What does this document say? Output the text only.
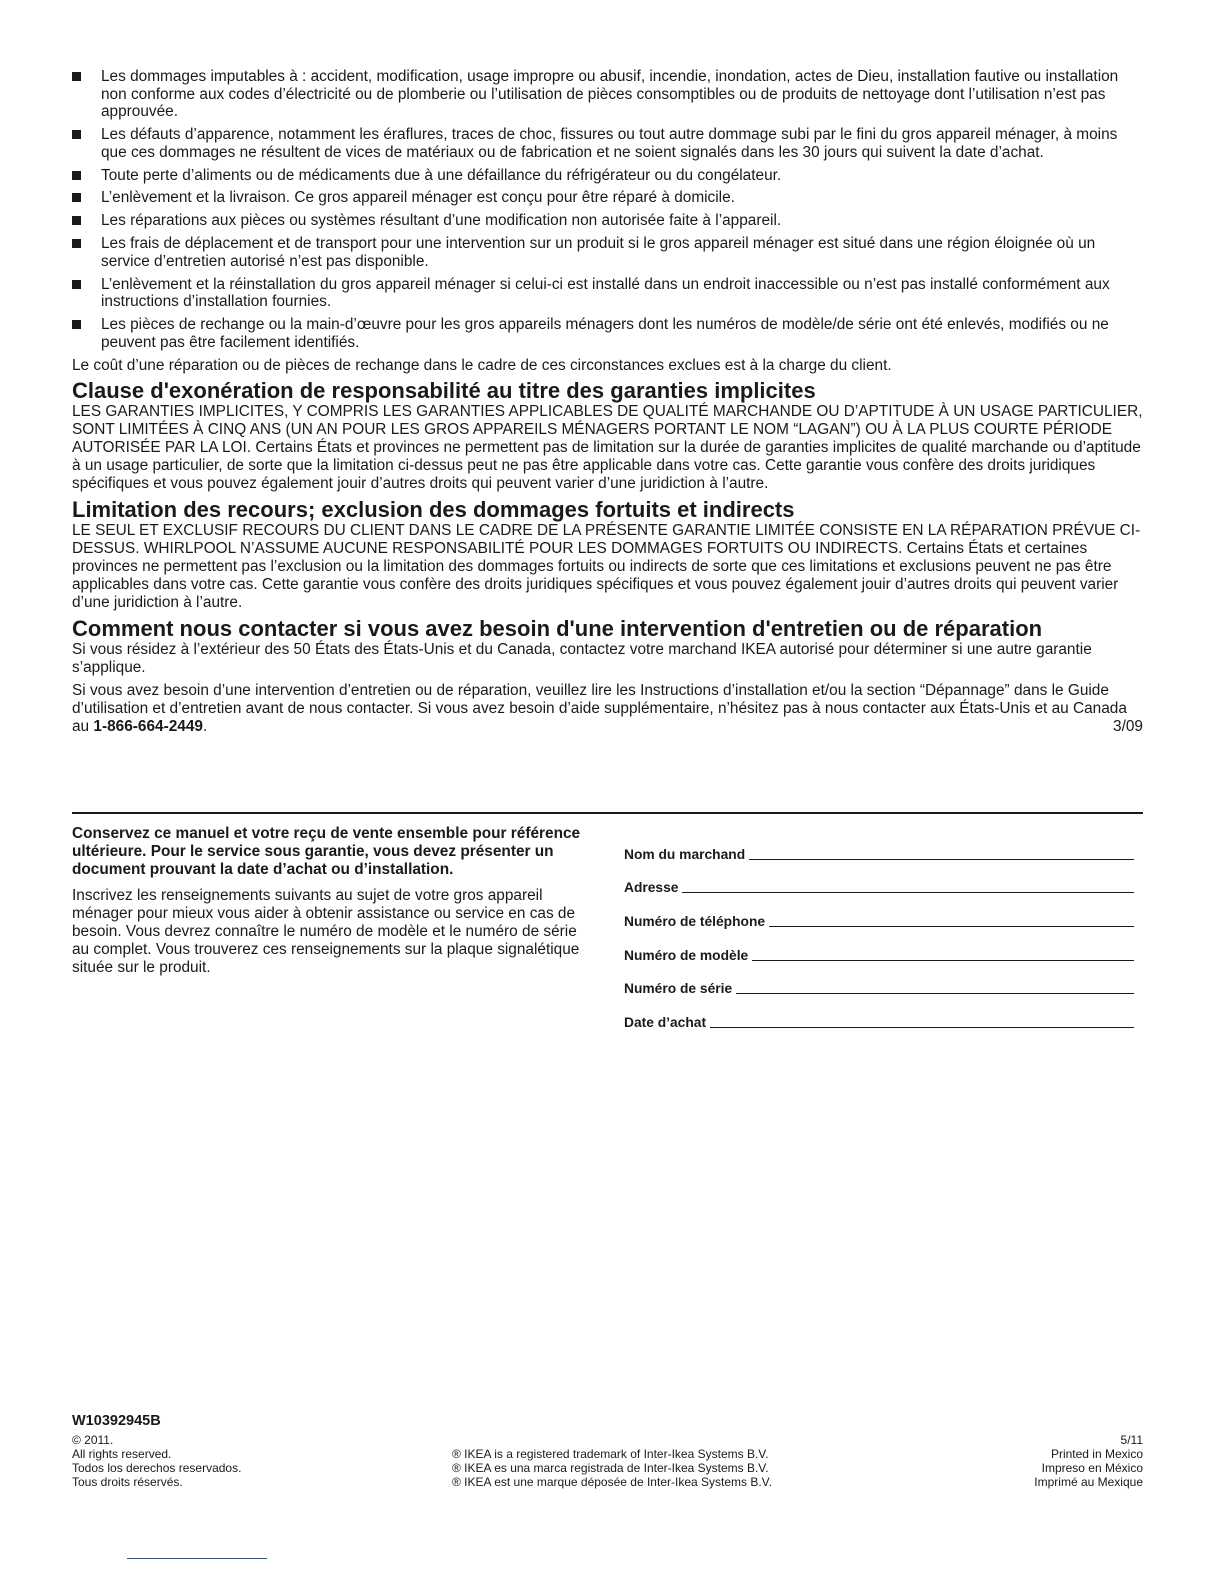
Les dommages imputables à : accident, modification, usage impropre ou abusif, incendie, inondation, actes de Dieu, installation fautive ou installation non conforme aux codes d’électricité ou de plomberie ou l’utilisation de pièces consomptibles ou de produits de nettoyage dont l’utilisation n’est pas approuvée.
Les défauts d’apparence, notamment les éraflures, traces de choc, fissures ou tout autre dommage subi par le fini du gros appareil ménager, à moins que ces dommages ne résultent de vices de matériaux ou de fabrication et ne soient signalés dans les 30 jours qui suivent la date d’achat.
Toute perte d’aliments ou de médicaments due à une défaillance du réfrigérateur ou du congélateur.
L’enlèvement et la livraison. Ce gros appareil ménager est conçu pour être réparé à domicile.
Les réparations aux pièces ou systèmes résultant d’une modification non autorisée faite à l’appareil.
Les frais de déplacement et de transport pour une intervention sur un produit si le gros appareil ménager est situé dans une région éloignée où un service d’entretien autorisé n’est pas disponible.
L’enlèvement et la réinstallation du gros appareil ménager si celui-ci est installé dans un endroit inaccessible ou n’est pas installé conformément aux instructions d’installation fournies.
Les pièces de rechange ou la main-d’œuvre pour les gros appareils ménagers dont les numéros de modèle/de série ont été enlevés, modifiés ou ne peuvent pas être facilement identifiés.

Le coût d’une réparation ou de pièces de rechange dans le cadre de ces circonstances exclues est à la charge du client.

Clause d'exonération de responsabilité au titre des garanties implicites

LES GARANTIES IMPLICITES, Y COMPRIS LES GARANTIES APPLICABLES DE QUALITÉ MARCHANDE OU D’APTITUDE À UN USAGE PARTICULIER, SONT LIMITÉES À CINQ ANS (UN AN POUR LES GROS APPAREILS MÉNAGERS PORTANT LE NOM “LAGAN”) OU À LA PLUS COURTE PÉRIODE AUTORISÉE PAR LA LOI. Certains États et provinces ne permettent pas de limitation sur la durée de garanties implicites de qualité marchande ou d’aptitude à un usage particulier, de sorte que la limitation ci-dessus peut ne pas être applicable dans votre cas. Cette garantie vous confère des droits juridiques spécifiques et vous pouvez également jouir d’autres droits qui peuvent varier d’une juridiction à l’autre.

Limitation des recours; exclusion des dommages fortuits et indirects

LE SEUL ET EXCLUSIF RECOURS DU CLIENT DANS LE CADRE DE LA PRÉSENTE GARANTIE LIMITÉE CONSISTE EN LA RÉPARATION PRÉVUE CI-DESSUS. WHIRLPOOL N’ASSUME AUCUNE RESPONSABILITÉ POUR LES DOMMAGES FORTUITS OU INDIRECTS. Certains États et certaines provinces ne permettent pas l’exclusion ou la limitation des dommages fortuits ou indirects de sorte que ces limitations et exclusions peuvent ne pas être applicables dans votre cas. Cette garantie vous confère des droits juridiques spécifiques et vous pouvez également jouir d’autres droits qui peuvent varier d’une juridiction à l’autre.

Comment nous contacter si vous avez besoin d'une intervention d'entretien ou de réparation

Si vous résidez à l’extérieur des 50 États des États-Unis et du Canada, contactez votre marchand IKEA autorisé pour déterminer si une autre garantie s’applique.

Si vous avez besoin d’une intervention d’entretien ou de réparation, veuillez lire les Instructions d’installation et/ou la section “Dépannage” dans le Guide d’utilisation et d’entretien avant de nous contacter. Si vous avez besoin d’aide supplémentaire, n’hésitez pas à nous contacter aux États-Unis et au Canada au 1-866-664-2449.	3/09

Conservez ce manuel et votre reçu de vente ensemble pour référence ultérieure. Pour le service sous garantie, vous devez présenter un document prouvant la date d’achat ou d’installation.

Inscrivez les renseignements suivants au sujet de votre gros appareil ménager pour mieux vous aider à obtenir assistance ou service en cas de besoin. Vous devrez connaître le numéro de modèle et le numéro de série au complet. Vous trouverez ces renseignements sur la plaque signalétique située sur le produit.

Nom du marchand
Adresse
Numéro de téléphone
Numéro de modèle
Numéro de série
Date d’achat
W10392945B
© 2011.
All rights reserved.
Todos los derechos reservados.
Tous droits réservés.
® IKEA is a registered trademark of Inter-Ikea Systems B.V.
® IKEA es una marca registrada de Inter-Ikea Systems B.V.
® IKEA est une marque déposée de Inter-Ikea Systems B.V.
5/11
Printed in Mexico
Impreso en México
Imprimé au Mexique
